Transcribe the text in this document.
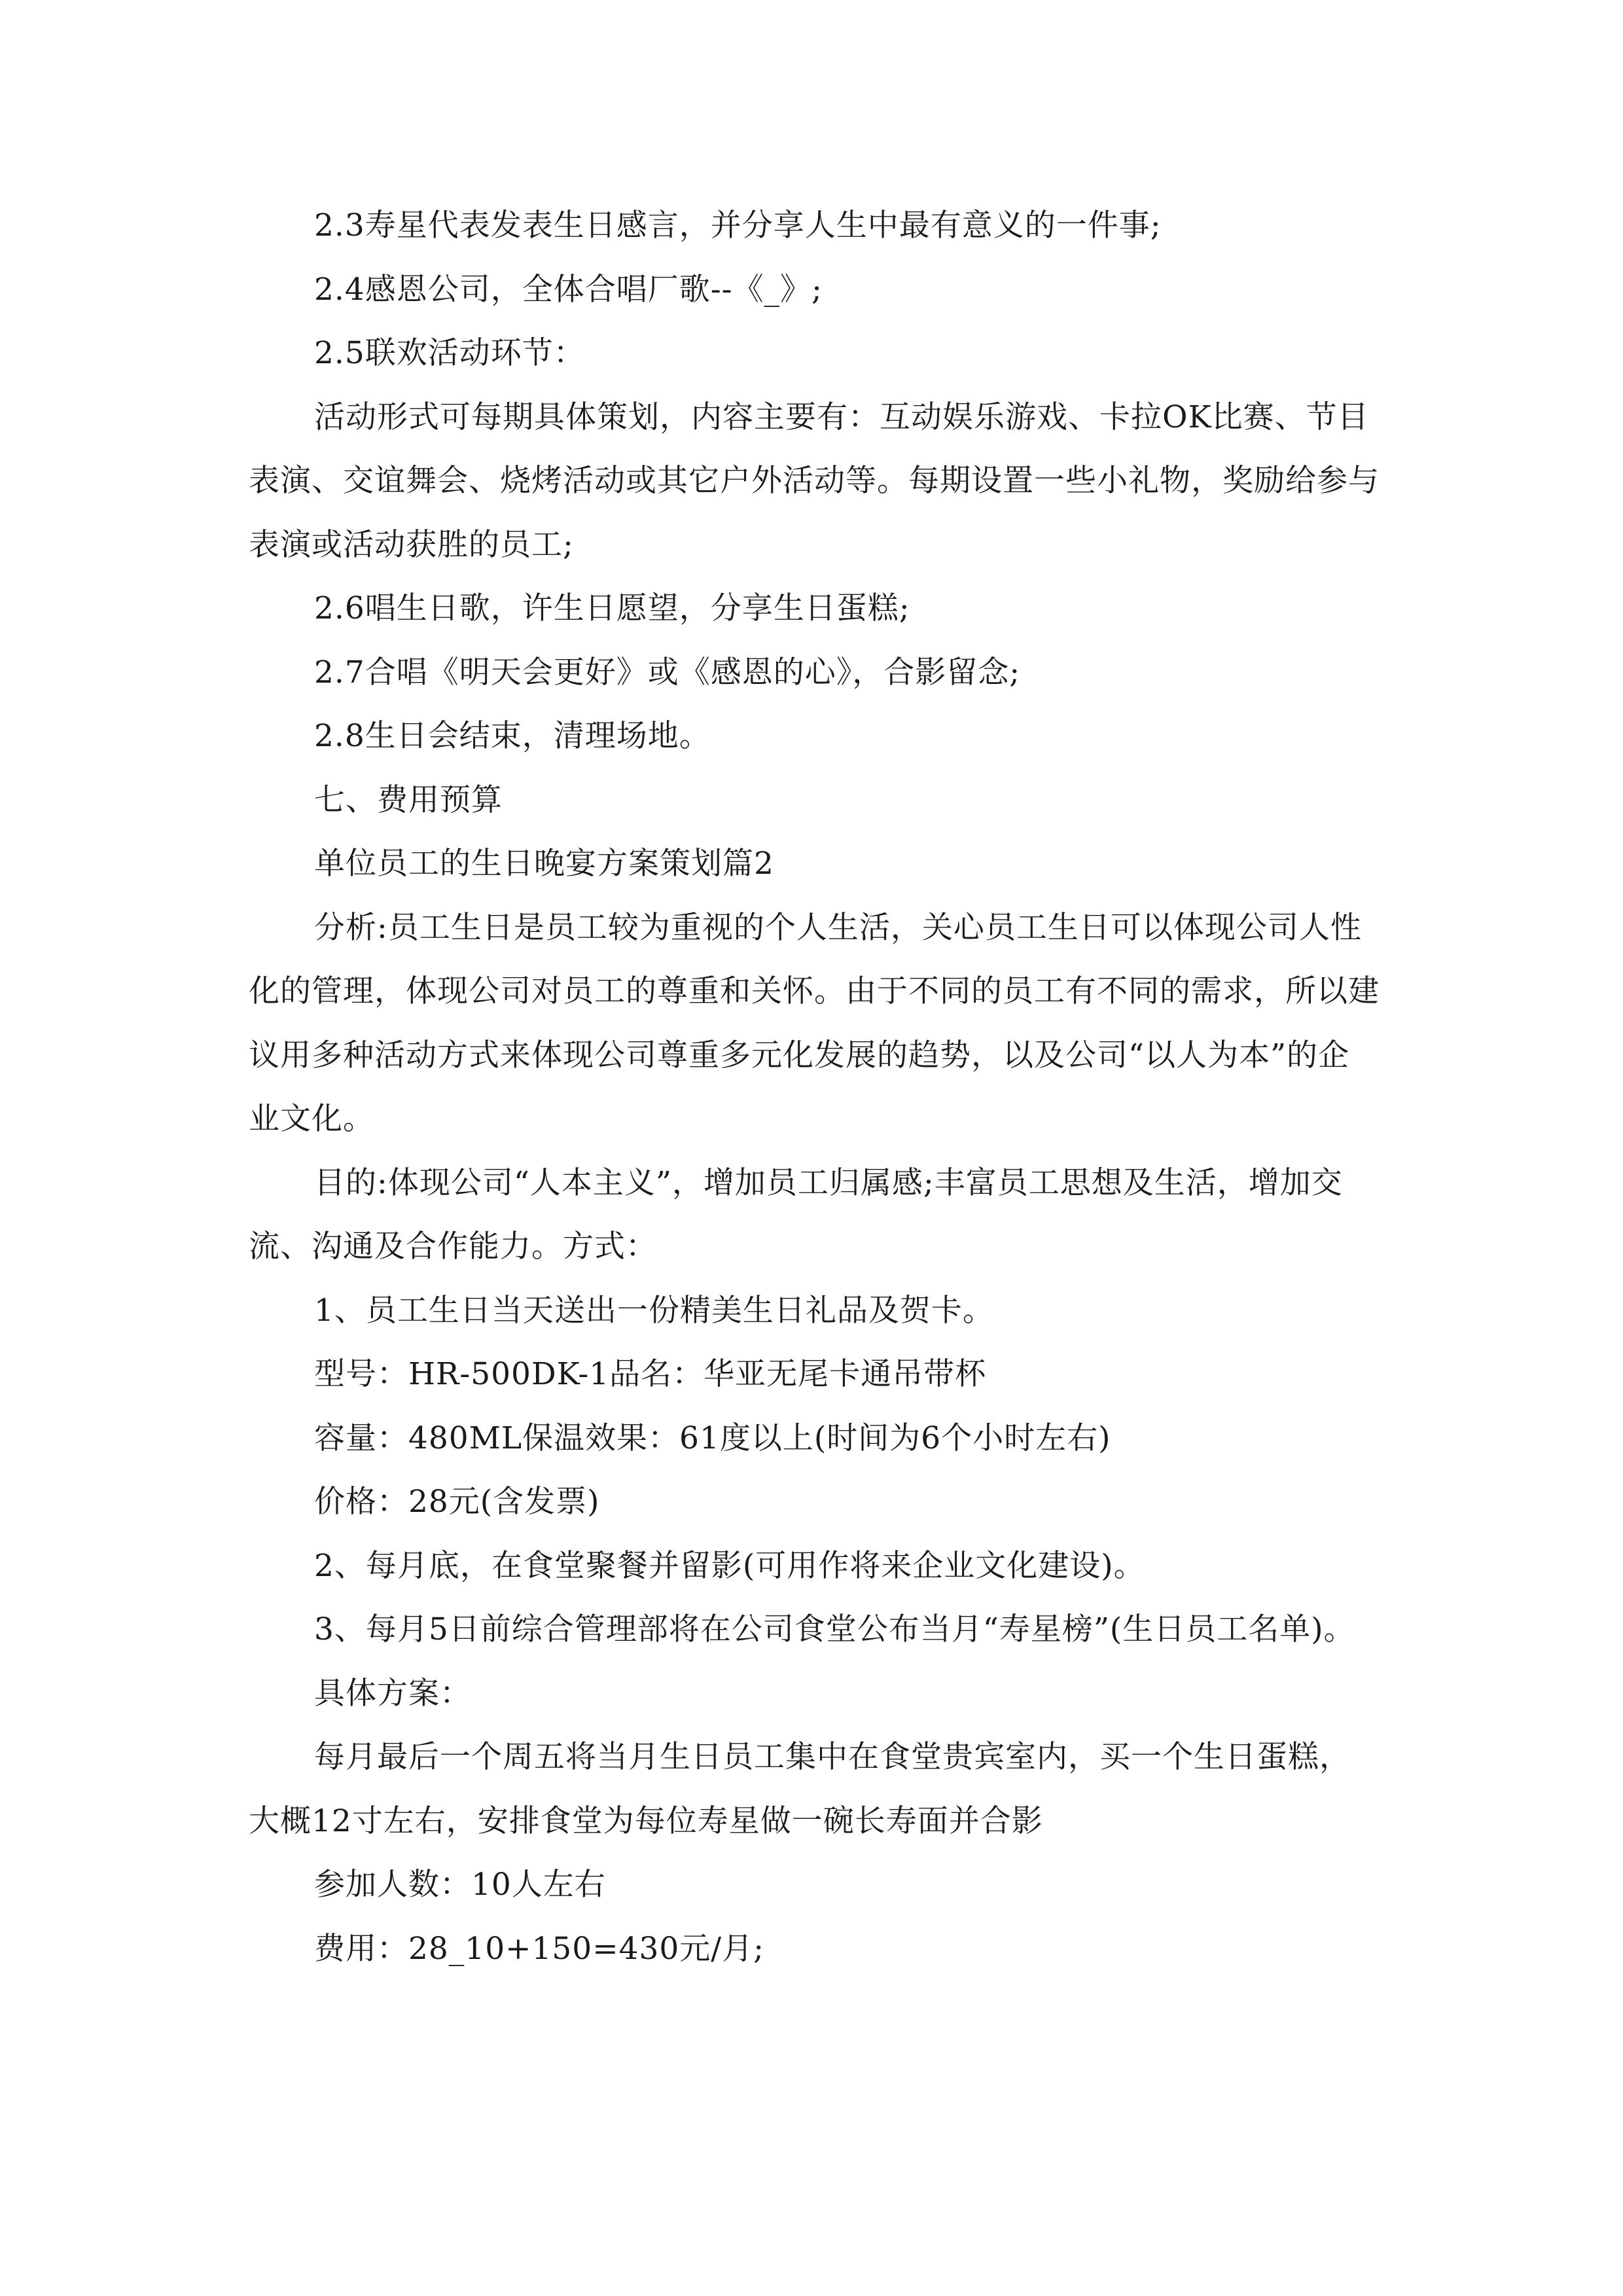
2.3寿星代表发表生日感言，并分享人生中最有意义的一件事;

2.4感恩公司，全体合唱厂歌--《_》;

2.5联欢活动环节：

活动形式可每期具体策划，内容主要有：互动娱乐游戏、卡拉OK比赛、节目表演、交谊舞会、烧烤活动或其它户外活动等。每期设置一些小礼物，奖励给参与表演或活动获胜的员工;

2.6唱生日歌，许生日愿望，分享生日蛋糕;

2.7合唱《明天会更好》或《感恩的心》，合影留念;

2.8生日会结束，清理场地。

七、费用预算

单位员工的生日晚宴方案策划篇2

分析:员工生日是员工较为重视的个人生活，关心员工生日可以体现公司人性化的管理，体现公司对员工的尊重和关怀。由于不同的员工有不同的需求，所以建议用多种活动方式来体现公司尊重多元化发展的趋势，以及公司“以人为本”的企业文化。

目的:体现公司“人本主义”，增加员工归属感;丰富员工思想及生活，增加交流、沟通及合作能力。方式：

1、员工生日当天送出一份精美生日礼品及贺卡。

型号：HR-500DK-1品名：华亚无尾卡通吊带杯

容量：480ML保温效果：61度以上(时间为6个小时左右)

价格：28元(含发票)

2、每月底，在食堂聚餐并留影(可用作将来企业文化建设)。

3、每月5日前综合管理部将在公司食堂公布当月“寿星榜”(生日员工名单)。

具体方案：

每月最后一个周五将当月生日员工集中在食堂贵宾室内，买一个生日蛋糕，大概12寸左右，安排食堂为每位寿星做一碗长寿面并合影

参加人数：10人左右

费用：28_10+150=430元/月;
